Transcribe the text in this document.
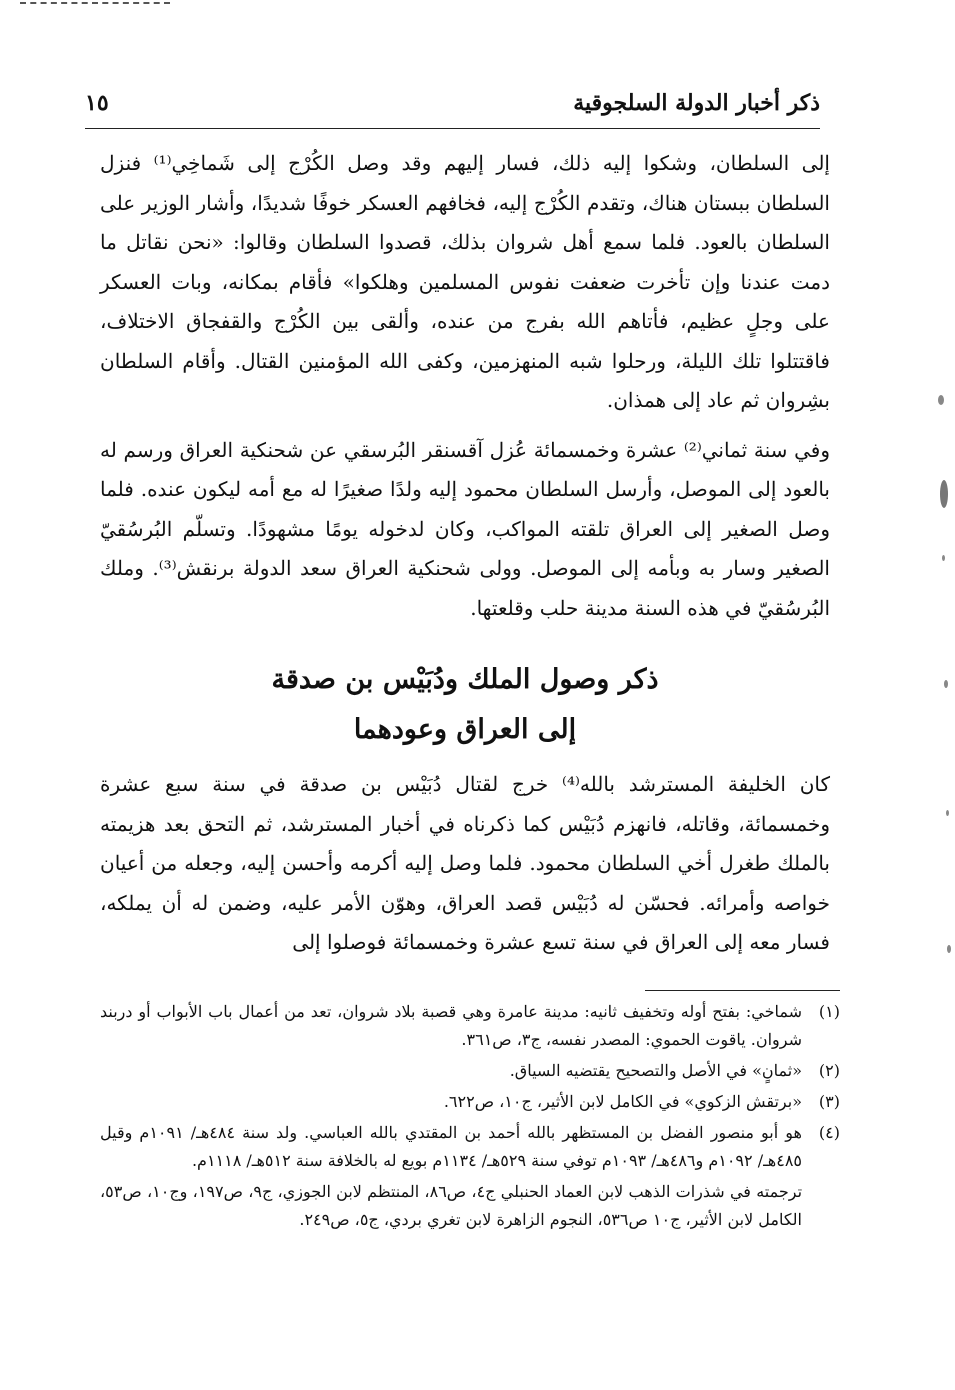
ذكر أخبار الدولة السلجوقية
١٥

إلى السلطان، وشكوا إليه ذلك، فسار إليهم وقد وصل الكُرْج إلى شَماخِي⁽¹⁾ فنزل السلطان ببستان هناك، وتقدم الكُرْج إليه، فخافهم العسكر خوفًا شديدًا، وأشار الوزير على السلطان بالعود. فلما سمع أهل شروان بذلك، قصدوا السلطان وقالوا: «نحن نقاتل ما دمت عندنا وإن تأخرت ضعفت نفوس المسلمين وهلكوا» فأقام بمكانه، وبات العسكر على وجلٍ عظيم، فأتاهم الله بفرج من عنده، وألقى بين الكُرْج والقفجاق الاختلاف، فاقتتلوا تلك الليلة، ورحلوا شبه المنهزمين، وكفى الله المؤمنين القتال. وأقام السلطان بشِروان ثم عاد إلى همذان.

وفي سنة ثماني⁽²⁾ عشرة وخمسمائة عُزل آقسنقر البُرسقي عن شحنكية العراق ورسم له بالعود إلى الموصل، وأرسل السلطان محمود إليه ولدًا صغيرًا له مع أمه ليكون عنده. فلما وصل الصغير إلى العراق تلقته المواكب، وكان لدخوله يومًا مشهودًا. وتسلّم البُرسُقيّ الصغير وسار به وبأمه إلى الموصل. وولى شحنكية العراق سعد الدولة برنقش⁽³⁾. وملك البُرسُقيّ في هذه السنة مدينة حلب وقلعتها.

ذكر وصول الملك ودُبَيْس بن صدقة
إلى العراق وعودهما

كان الخليفة المسترشد بالله⁽⁴⁾ خرج لقتال دُبَيْس بن صدقة في سنة سبع عشرة وخمسمائة، وقاتله، فانهزم دُبَيْس كما ذكرناه في أخبار المسترشد، ثم التحق بعد هزيمته بالملك طغرل أخي السلطان محمود. فلما وصل إليه أكرمه وأحسن إليه، وجعله من أعيان خواصه وأمرائه. فحسّن له دُبَيْس قصد العراق، وهوّن الأمر عليه، وضمن له أن يملكه، فسار معه إلى العراق في سنة تسع عشرة وخمسمائة فوصلوا إلى

(١)
شماخي: بفتح أوله وتخفيف ثانيه: مدينة عامرة وهي قصبة بلاد شروان، تعد من أعمال باب الأبواب أو دربند شروان. ياقوت الحموي: المصدر نفسه، ج٣، ص٣٦١.
(٢)
«ثمانٍ» في الأصل والتصحيح يقتضيه السياق.
(٣)
«برتقش الزكوي» في الكامل لابن الأثير، ج١٠، ص٦٢٢.
(٤)
هو أبو منصور الفضل بن المستظهر بالله أحمد بن المقتدي بالله العباسي. ولد سنة ٤٨٤هـ/ ١٠٩١م وقيل ٤٨٥هـ/ ١٠٩٢م و٤٨٦هـ/ ١٠٩٣م توفي سنة ٥٢٩هـ/ ١١٣٤م بويع له بالخلافة سنة ٥١٢هـ/ ١١١٨م.
ترجمته في شذرات الذهب لابن العماد الحنبلي ج٤، ص٨٦، المنتظم لابن الجوزي، ج٩، ص١٩٧، وج١٠، ص٥٣، الكامل لابن الأثير، ج١٠ ص٥٣٦، النجوم الزاهرة لابن تغري بردي، ج٥، ص٢٤٩.
